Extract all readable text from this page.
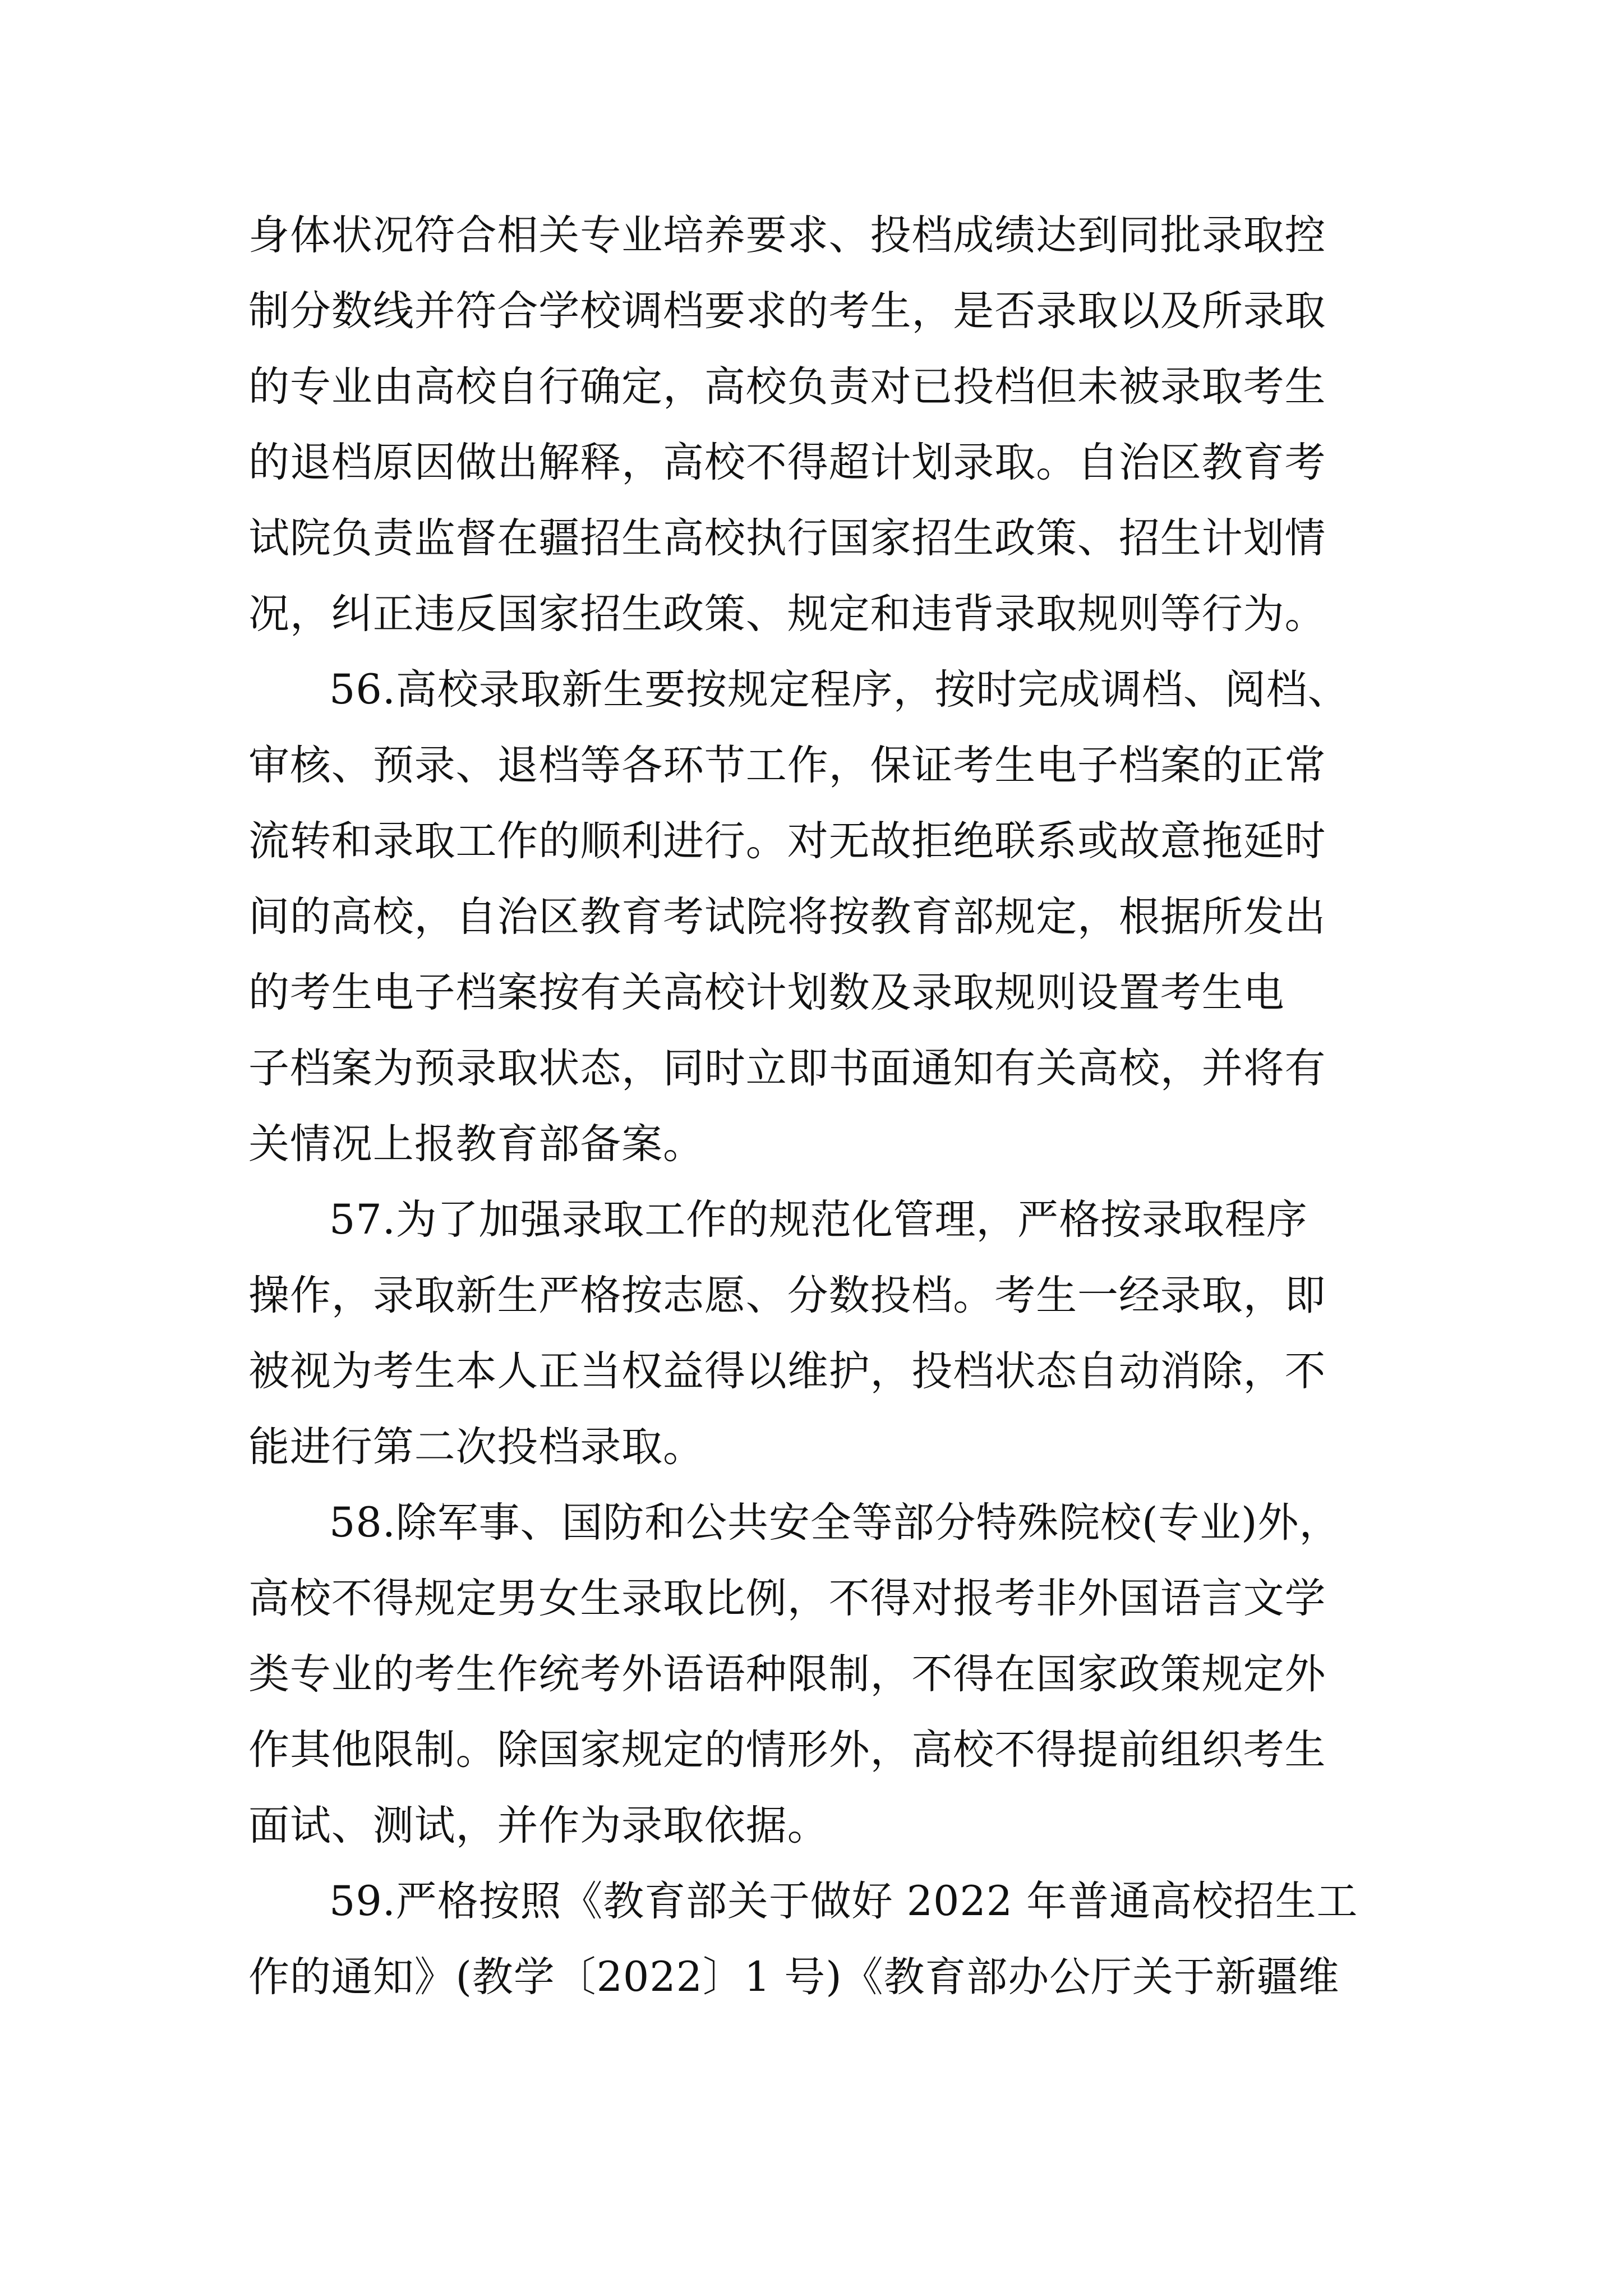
身体状况符合相关专业培养要求、投档成绩达到同批录取控
制分数线并符合学校调档要求的考生，是否录取以及所录取
的专业由高校自行确定，高校负责对已投档但未被录取考生
的退档原因做出解释，高校不得超计划录取。自治区教育考
试院负责监督在疆招生高校执行国家招生政策、招生计划情
况，纠正违反国家招生政策、规定和违背录取规则等行为。
56.高校录取新生要按规定程序，按时完成调档、阅档、
审核、预录、退档等各环节工作，保证考生电子档案的正常
流转和录取工作的顺利进行。对无故拒绝联系或故意拖延时
间的高校，自治区教育考试院将按教育部规定，根据所发出
的考生电子档案按有关高校计划数及录取规则设置考生电
子档案为预录取状态，同时立即书面通知有关高校，并将有
关情况上报教育部备案。
57.为了加强录取工作的规范化管理，严格按录取程序
操作，录取新生严格按志愿、分数投档。考生一经录取，即
被视为考生本人正当权益得以维护，投档状态自动消除，不
能进行第二次投档录取。
58.除军事、国防和公共安全等部分特殊院校(专业)外，
高校不得规定男女生录取比例，不得对报考非外国语言文学
类专业的考生作统考外语语种限制，不得在国家政策规定外
作其他限制。除国家规定的情形外，高校不得提前组织考生
面试、测试，并作为录取依据。
59.严格按照《教育部关于做好 2022 年普通高校招生工
作的通知》(教学〔2022〕1 号)《教育部办公厅关于新疆维
